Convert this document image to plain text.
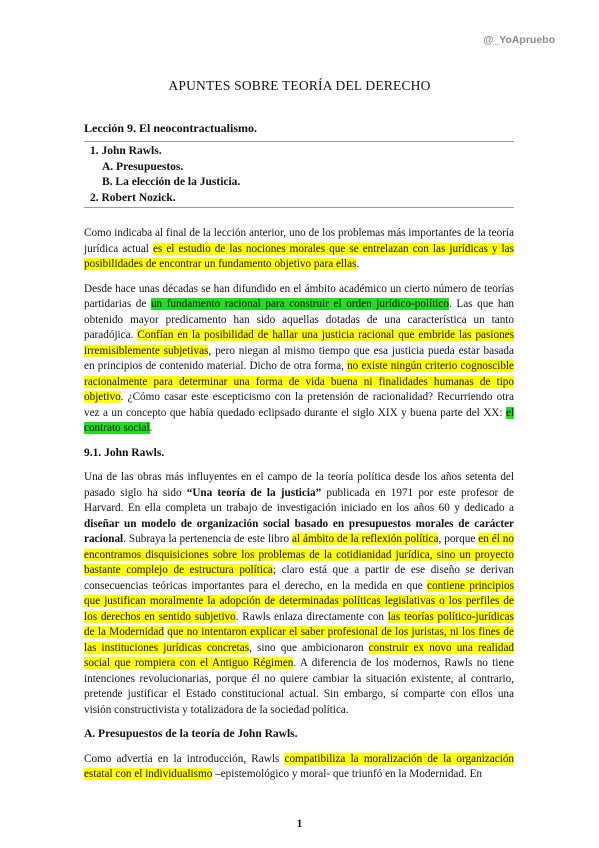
@_YoApruebo
APUNTES SOBRE TEORÍA DEL DERECHO
Lección 9. El neocontractualismo.
1. John Rawls.
A. Presupuestos.
B. La elección de la Justicia.
2. Robert Nozick.

Como indicaba al final de la lección anterior, uno de los problemas más importantes de la teoría jurídica actual es el estudio de las nociones morales que se entrelazan con las jurídicas y las posibilidades de encontrar un fundamento objetivo para ellas.

Desde hace unas décadas se han difundido en el ámbito académico un cierto número de teorías partidarias de un fundamento racional para construir el orden jurídico-político. Las que han obtenido mayor predicamento han sido aquellas dotadas de una característica un tanto paradójica. Confían en la posibilidad de hallar una justicia racional que embride las pasiones irremisiblemente subjetivas, pero niegan al mismo tiempo que esa justicia pueda estar basada en principios de contenido material. Dicho de otra forma, no existe ningún criterio cognoscible racionalmente para determinar una forma de vida buena ni finalidades humanas de tipo objetivo. ¿Cómo casar este escepticismo con la pretensión de racionalidad? Recurriendo otra vez a un concepto que había quedado eclipsado durante el siglo XIX y buena parte del XX: el contrato social.

9.1. John Rawls.

Una de las obras más influyentes en el campo de la teoría política desde los años setenta del pasado siglo ha sido “Una teoría de la justicia” publicada en 1971 por este profesor de Harvard. En ella completa un trabajo de investigación iniciado en los años 60 y dedicado a diseñar un modelo de organización social basado en presupuestos morales de carácter racional. Subraya la pertenencia de este libro al ámbito de la reflexión política, porque en él no encontramos disquisiciones sobre los problemas de la cotidianidad jurídica, sino un proyecto bastante complejo de estructura política; claro está que a partir de ese diseño se derivan consecuencias teóricas importantes para el derecho, en la medida en que contiene principios que justifican moralmente la adopción de determinadas políticas legislativas o los perfiles de los derechos en sentido subjetivo. Rawls enlaza directamente con las teorías político-jurídicas de la Modernidad que no intentaron explicar el saber profesional de los juristas, ni los fines de las instituciones jurídicas concretas, sino que ambicionaron construir ex novo una realidad social que rompiera con el Antiguo Régimen. A diferencia de los modernos, Rawls no tiene intenciones revolucionarias, porque él no quiere cambiar la situación existente, al contrario, pretende justificar el Estado constitucional actual. Sin embargo, sí comparte con ellos una visión constructivista y totalizadora de la sociedad política.

A. Presupuestos de la teoría de John Rawls.

Como advertía en la introducción, Rawls compatibiliza la moralización de la organización estatal con el individualismo –epistemológico y moral- que triunfó en la Modernidad. En

1
